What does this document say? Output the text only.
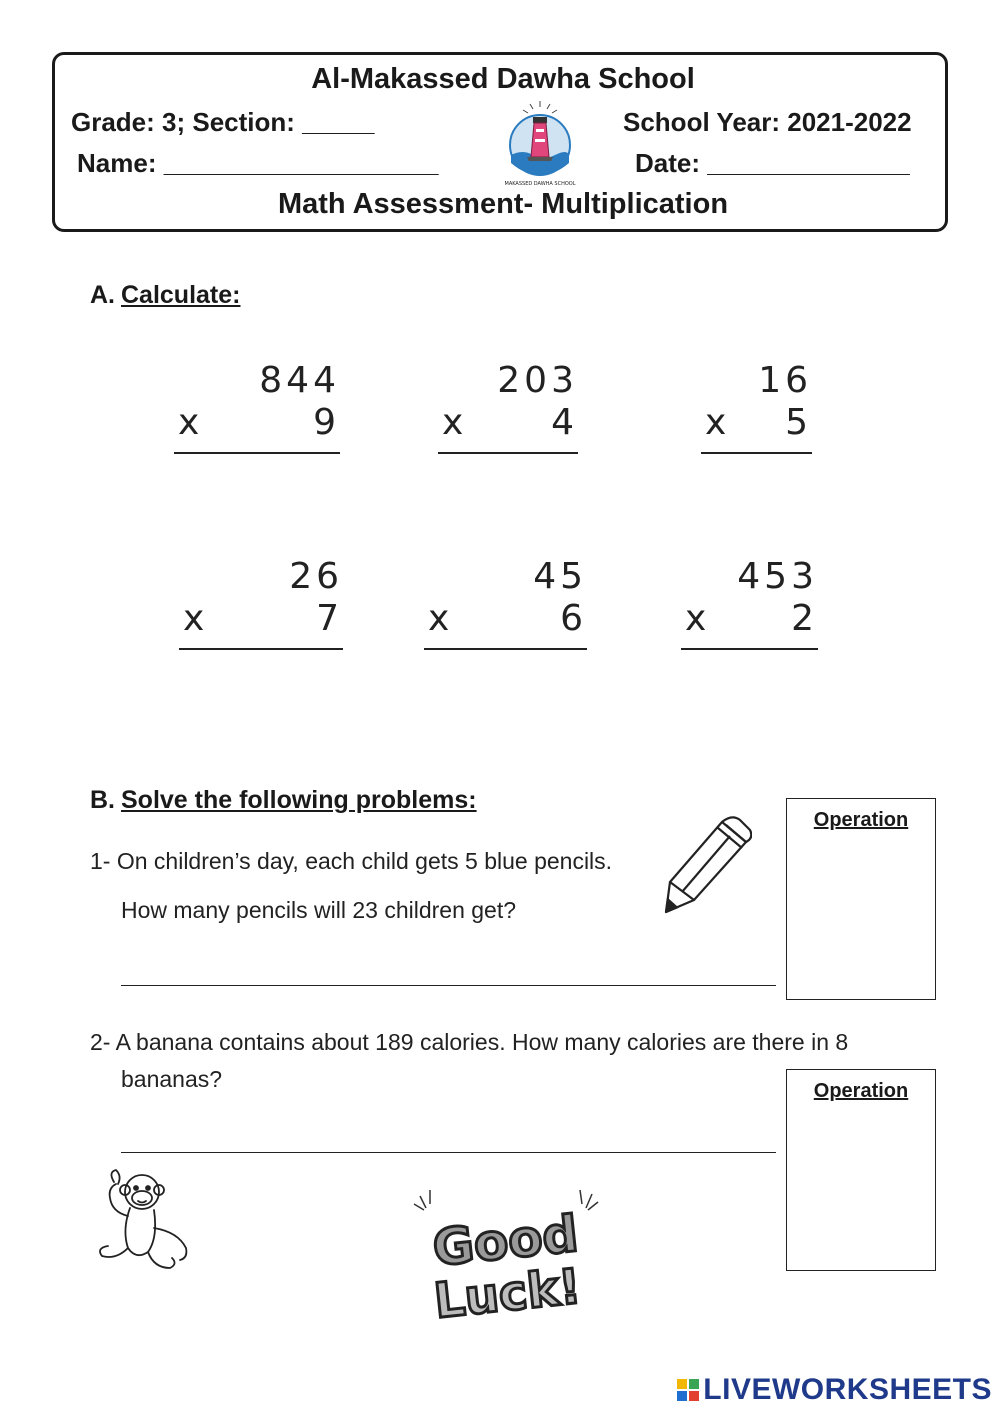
Al-Makassed Dawha School
Grade: 3; Section: _____	School Year: 2021-2022
Name: ___________________	Date: ______________
Math Assessment- Multiplication
MAKASSED DAWHA SCHOOL
A. Calculate:
844
x	9
203
x 4
16
x 5
26
x	7
45
x	6
453
x 2
B. Solve the following problems:
1- On children’s day, each child gets 5 blue pencils.
How many pencils will 23 children get?
Operation
2- A banana contains about 189 calories. How many calories are there in 8
bananas?	Operation
Good
Luck!
LIVEWORKSHEETS
